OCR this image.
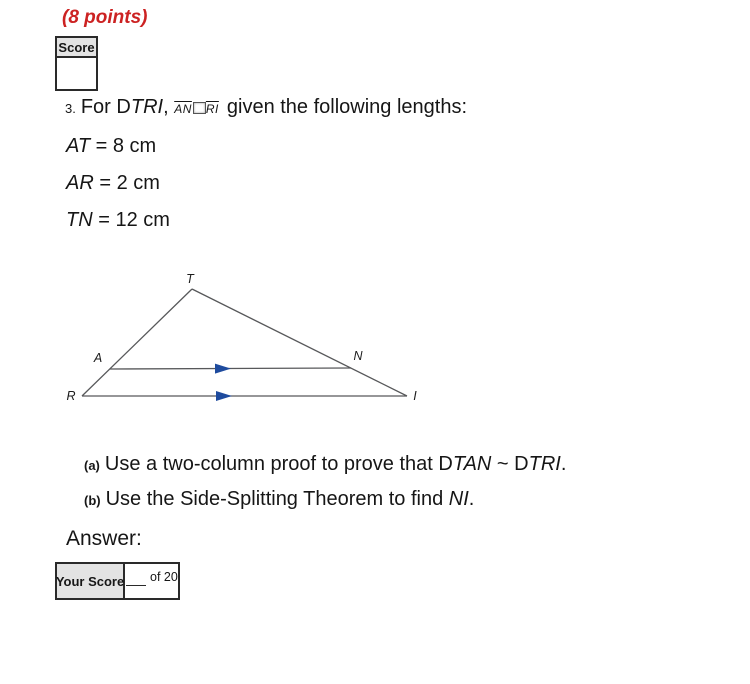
(8 points)
Score
3. For DTRI, $\overline{AN}$ $\overline{RI}$ given the following lengths:
AT = 8 cm
AR = 2 cm
TN = 12 cm
T
A	N
R	I
(a) Use a two-column proof to prove that DTAN ~ DTRI.
(b) Use the Side-Splitting Theorem to find NI.
Answer:
Your Score of 20
